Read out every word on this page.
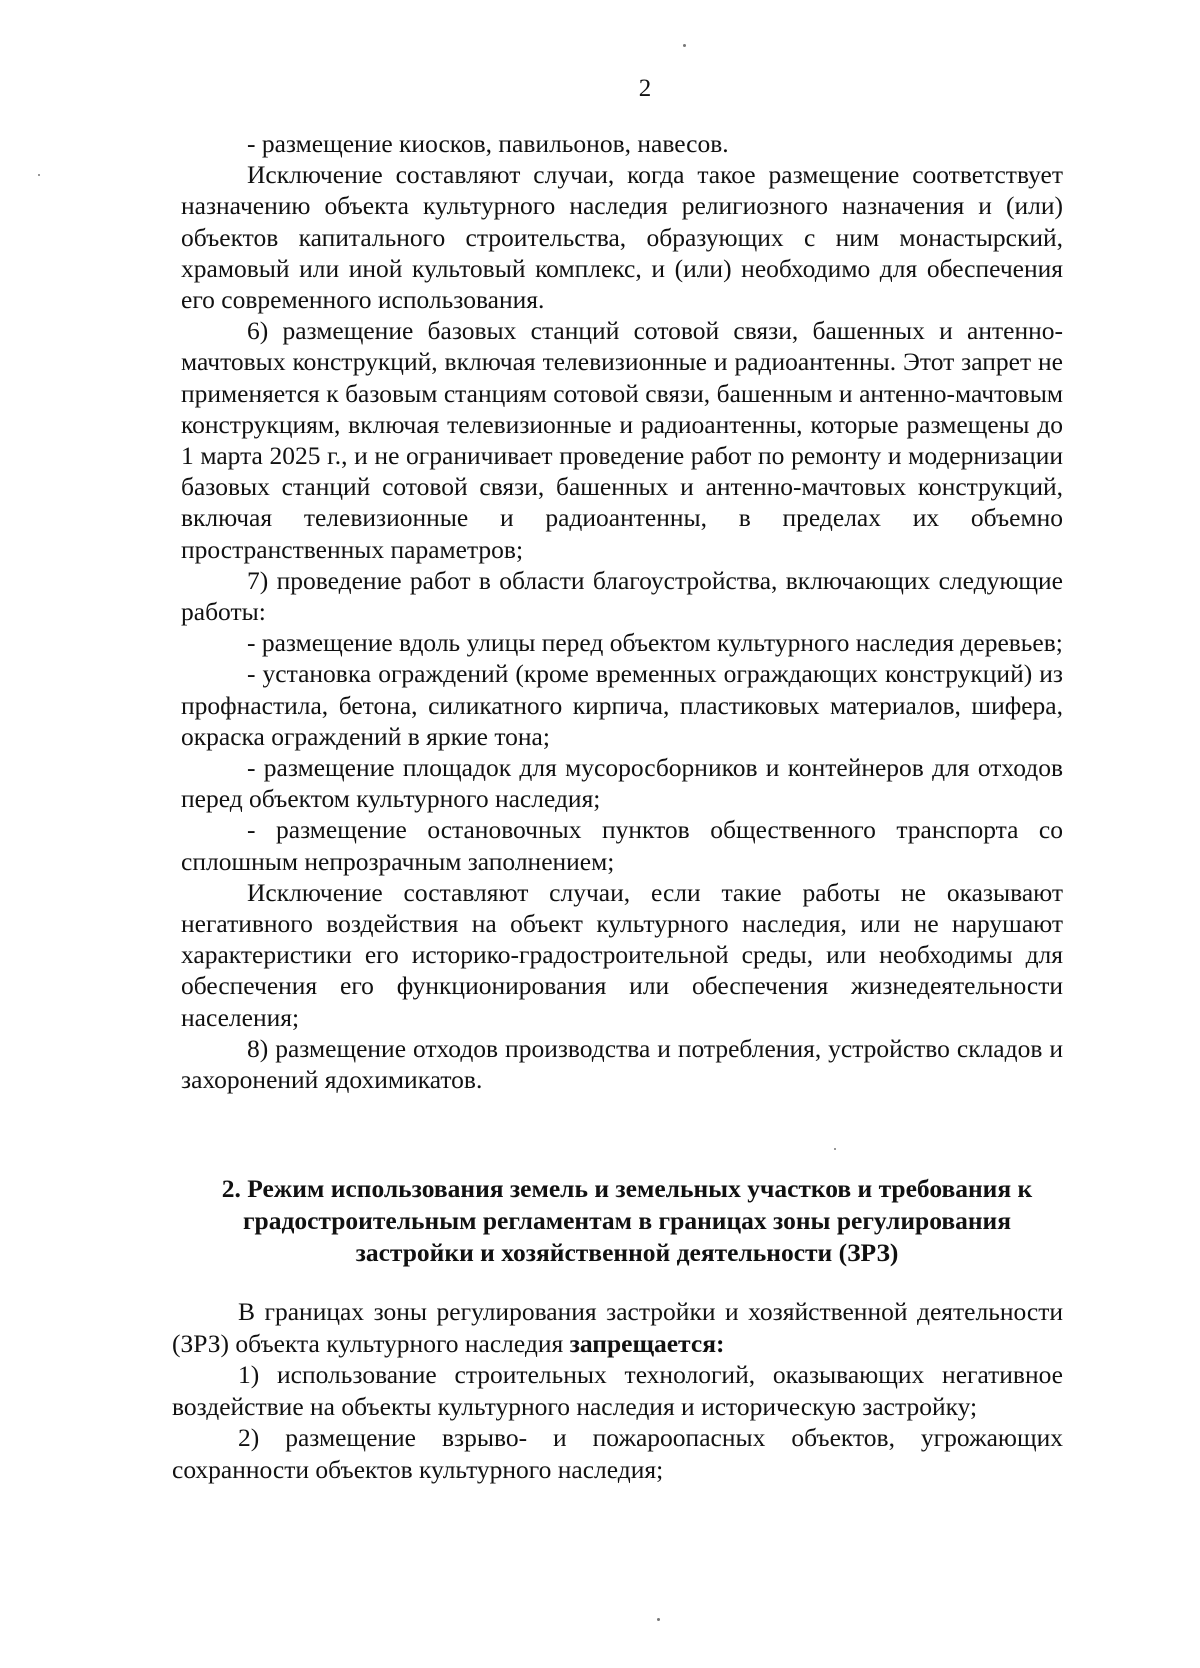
2

- размещение киосков, павильонов, навесов.

Исключение составляют случаи, когда такое размещение соответствует назначению объекта культурного наследия религиозного назначения и (или) объектов капитального строительства, образующих с ним монастырский, храмовый или иной культовый комплекс, и (или) необходимо для обеспечения его современного использования.

6) размещение базовых станций сотовой связи, башенных и антенно-мачтовых конструкций, включая телевизионные и радиоантенны. Этот запрет не применяется к базовым станциям сотовой связи, башенным и антенно-мачтовым конструкциям, включая телевизионные и радиоантенны, которые размещены до 1 марта 2025 г., и не ограничивает проведение работ по ремонту и модернизации базовых станций сотовой связи, башенных и антенно-мачтовых конструкций, включая телевизионные и радиоантенны, в пределах их объемно пространственных параметров;

7) проведение работ в области благоустройства, включающих следующие работы:

- размещение вдоль улицы перед объектом культурного наследия деревьев;

- установка ограждений (кроме временных ограждающих конструкций) из профнастила, бетона, силикатного кирпича, пластиковых материалов, шифера, окраска ограждений в яркие тона;

- размещение площадок для мусоросборников и контейнеров для отходов перед объектом культурного наследия;

- размещение остановочных пунктов общественного транспорта со сплошным непрозрачным заполнением;

Исключение составляют случаи, если такие работы не оказывают негативного воздействия на объект культурного наследия, или не нарушают характеристики его историко-градостроительной среды, или необходимы для обеспечения его функционирования или обеспечения жизнедеятельности населения;

8) размещение отходов производства и потребления, устройство складов и захоронений ядохимикатов.

2. Режим использования земель и земельных участков и требования к градостроительным регламентам в границах зоны регулирования застройки и хозяйственной деятельности (ЗРЗ)

В границах зоны регулирования застройки и хозяйственной деятельности (ЗРЗ) объекта культурного наследия запрещается:

1) использование строительных технологий, оказывающих негативное воздействие на объекты культурного наследия и историческую застройку;

2) размещение взрыво- и пожароопасных объектов, угрожающих сохранности объектов культурного наследия;
